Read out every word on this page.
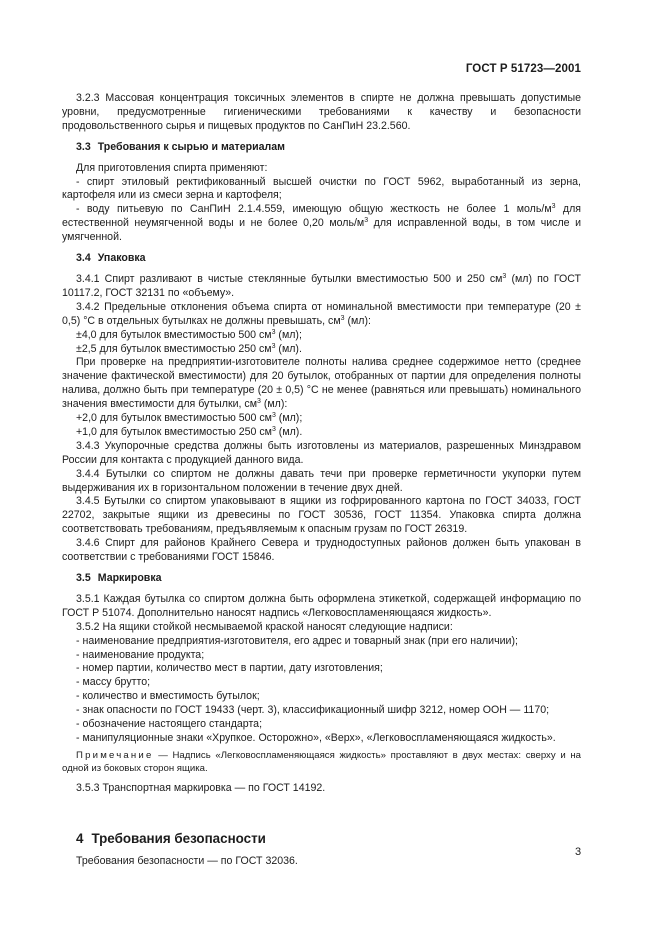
ГОСТ Р 51723—2001

3.2.3 Массовая концентрация токсичных элементов в спирте не должна превышать допустимые уровни, предусмотренные гигиеническими требованиями к качеству и безопасности продовольственного сырья и пищевых продуктов по СанПиН 23.2.560.

3.3 Требования к сырью и материалам

Для приготовления спирта применяют:

- спирт этиловый ректификованный высшей очистки по ГОСТ 5962, выработанный из зерна, картофеля или из смеси зерна и картофеля;

- воду питьевую по СанПиН 2.1.4.559, имеющую общую жесткость не более 1 моль/$м^3$ для естественной неумягченной воды и не более 0,20 моль/$м^3$ для исправленной воды, в том числе и умягченной.

3.4 Упаковка

3.4.1 Спирт разливают в чистые стеклянные бутылки вместимостью 500 и 250 $см^3$ (мл) по ГОСТ 10117.2, ГОСТ 32131 по «объему».

3.4.2 Предельные отклонения объема спирта от номинальной вместимости при температуре (20 ± 0,5) °С в отдельных бутылках не должны превышать, $см^3$ (мл):

±4,0 для бутылок вместимостью 500 $см^3$ (мл);

±2,5 для бутылок вместимостью 250 $см^3$ (мл).

При проверке на предприятии-изготовителе полноты налива среднее содержимое нетто (среднее значение фактической вместимости) для 20 бутылок, отобранных от партии для определения полноты налива, должно быть при температуре (20 ± 0,5) °С не менее (равняться или превышать) номинального значения вместимости для бутылки, $см^3$ (мл):

+2,0 для бутылок вместимостью 500 $см^3$ (мл);

+1,0 для бутылок вместимостью 250 $см^3$ (мл).

3.4.3 Укупорочные средства должны быть изготовлены из материалов, разрешенных Минздравом России для контакта с продукцией данного вида.

3.4.4 Бутылки со спиртом не должны давать течи при проверке герметичности укупорки путем выдерживания их в горизонтальном положении в течение двух дней.

3.4.5 Бутылки со спиртом упаковывают в ящики из гофрированного картона по ГОСТ 34033, ГОСТ 22702, закрытые ящики из древесины по ГОСТ 30536, ГОСТ 11354. Упаковка спирта должна соответствовать требованиям, предъявляемым к опасным грузам по ГОСТ 26319.

3.4.6 Спирт для районов Крайнего Севера и труднодоступных районов должен быть упакован в соответствии с требованиями ГОСТ 15846.

3.5 Маркировка

3.5.1 Каждая бутылка со спиртом должна быть оформлена этикеткой, содержащей информацию по ГОСТ Р 51074. Дополнительно наносят надпись «Легковоспламеняющаяся жидкость».

3.5.2 На ящики стойкой несмываемой краской наносят следующие надписи:

- наименование предприятия-изготовителя, его адрес и товарный знак (при его наличии);

- наименование продукта;

- номер партии, количество мест в партии, дату изготовления;

- массу брутто;

- количество и вместимость бутылок;

- знак опасности по ГОСТ 19433 (черт. 3), классификационный шифр 3212, номер ООН — 1170;

- обозначение настоящего стандарта;

- манипуляционные знаки «Хрупкое. Осторожно», «Верх», «Легковоспламеняющаяся жидкость».

Примечание — Надпись «Легковоспламеняющаяся жидкость» проставляют в двух местах: сверху и на одной из боковых сторон ящика.

3.5.3 Транспортная маркировка — по ГОСТ 14192.

4 Требования безопасности

Требования безопасности — по ГОСТ 32036.

3
